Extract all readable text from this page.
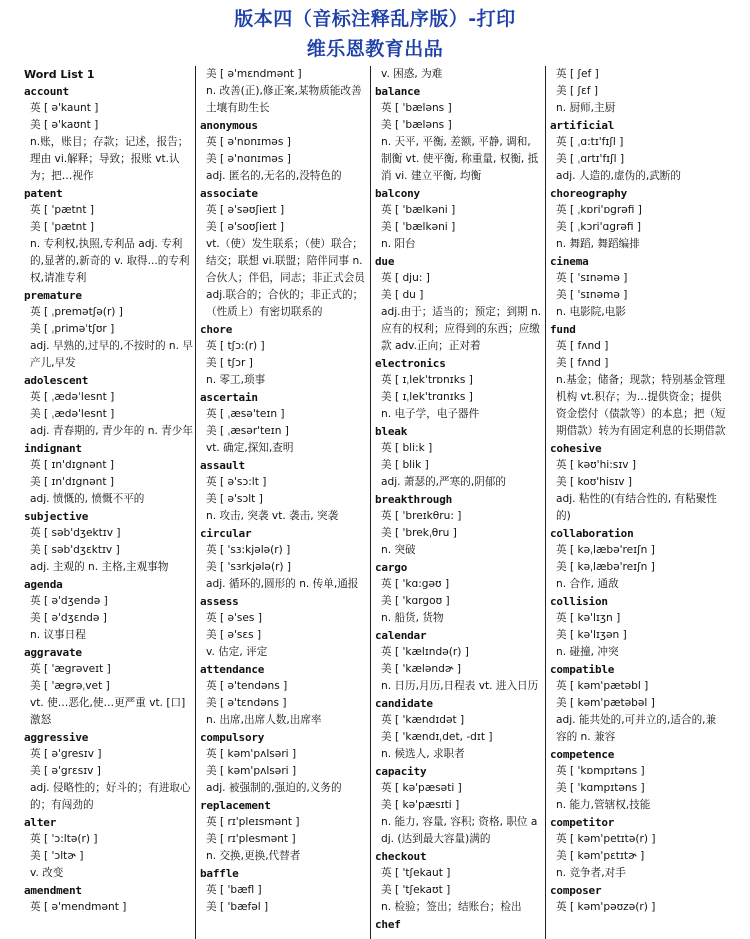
版本四（音标注释乱序版）-打印
维乐恩教育出品
Word List 1
account
英 [ ə'kaunt ]
美 [ ə'kaʊnt ]
n.账，账目；存款；记述，报告；理由 vi.解释；导致；报账 vt.认为；把…视作
patent
英 [ 'pætnt ]
美 [ 'pætnt ]
n. 专利权,执照,专利品 adj. 专利的,显著的,新奇的 v. 取得...的专利权,请准专利
premature
英 [ ˌpremətʃə(r) ]
美 [ ˌpriməˈtʃʊr ]
adj. 早熟的,过早的,不按时的 n. 早产儿,早发
adolescent
英 [ ˌædəˈlesnt ]
美 [ ˌædə'lesnt ]
adj. 青春期的, 青少年的 n. 青少年
indignant
英 [ ɪn'dɪgnənt ]
美 [ ɪn'dɪgnənt ]
adj. 愤慨的, 愤慨不平的
subjective
英 [ səb'dʒektɪv ]
美 [ səb'dʒɛktɪv ]
adj. 主观的 n. 主格,主观事物
agenda
英 [ ə'dʒendə ]
美 [ ə'dʒɛndə ]
n. 议事日程
aggravate
英 [ 'ægrəveɪt ]
美 [ 'ægrəˌvet ]
vt. 使…恶化,使…更严重 vt. [口]激怒
aggressive
英 [ ə'gresɪv ]
美 [ ə'grɛsɪv ]
adj. 侵略性的；好斗的；有进取心的；有闯劲的
alter
英 [ 'ɔ:ltə(r) ]
美 [ 'ɔltɚ ]
v. 改变
amendment
英 [ ə'mendmənt ]
美 [ ə'mɛndmənt ]
n. 改善(正),修正案,某物质能改善土壤有助生长
anonymous
英 [ ə'nɒnɪməs ]
美 [ ə'nɑnɪməs ]
adj. 匿名的,无名的,没特色的
associate
英 [ ə'səʊʃieɪt ]
美 [ ə'soʊʃieɪt ]
vt.（使）发生联系；（使）联合；结交；联想 vi.联盟；陪伴同事 n.合伙人；伴侣，同志；非正式会员 adj.联合的；合伙的；非正式的；（性质上）有密切联系的
chore
英 [ tʃɔ:(r) ]
美 [ tʃɔr ]
n. 零工,琐事
ascertain
英 [ ˌæsə'teɪn ]
美 [ ˌæsər'teɪn ]
vt. 确定,探知,查明
assault
英 [ ə'sɔ:lt ]
美 [ ə'sɔlt ]
n. 攻击, 突袭 vt. 袭击, 突袭
circular
英 [ 'sɜ:kjələ(r) ]
美 [ 'sɜrkjələ(r) ]
adj. 循环的,圆形的 n. 传单,通报
assess
英 [ ə'ses ]
美 [ ə'sɛs ]
v. 估定, 评定
attendance
英 [ ə'tendəns ]
美 [ ə'tɛndəns ]
n. 出席,出席人数,出席率
compulsory
英 [ kəm'pʌlsəri ]
美 [ kəm'pʌlsəri ]
adj. 被强制的,强迫的,义务的
replacement
英 [ rɪ'pleɪsmənt ]
美 [ rɪ'plesmənt ]
n. 交换,更换,代替者
baffle
英 [ 'bæfl ]
美 [ 'bæfəl ]
v. 困惑, 为难
balance
英 [ 'bæləns ]
美 [ 'bæləns ]
n. 天平, 平衡, 差额, 平静, 调和, 制衡 vt. 使平衡, 称重量, 权衡, 抵消 vi. 建立平衡, 均衡
balcony
英 [ 'bælkəni ]
美 [ 'bælkəni ]
n. 阳台
due
英 [ dju: ]
美 [ du ]
adj.由于；适当的；预定；到期 n.应有的权利；应得到的东西；应缴款 adv.正向；正对着
electronics
英 [ ɪˌlek'trɒnɪks ]
美 [ ɪˌlek'trɑnɪks ]
n. 电子学，电子器件
bleak
英 [ bli:k ]
美 [ blik ]
adj. 萧瑟的,严寒的,阴郁的
breakthrough
英 [ 'breɪkθru: ]
美 [ 'brekˌθru ]
n. 突破
cargo
英 [ 'kɑ:gəʊ ]
美 [ 'kɑrgoʊ ]
n. 船货, 货物
calendar
英 [ 'kælɪndə(r) ]
美 [ 'kæləndɚ ]
n. 日历,月历,日程表 vt. 进入日历
candidate
英 [ 'kændɪdət ]
美 [ 'kændɪˌdet, -dɪt ]
n. 候选人, 求职者
capacity
英 [ kə'pæsəti ]
美 [ kə'pæsɪti ]
n. 能力, 容量, 容积; 资格, 职位 adj. (达到最大容量)满的
checkout
英 [ 'tʃekaut ]
美 [ 'tʃekaʊt ]
n. 检验；签出；结账台；检出
chef
英 [ ʃef ]
美 [ ʃɛf ]
n. 厨师,主厨
artificial
英 [ ˌɑ:tɪ'fɪʃl ]
美 [ ˌɑrtɪ'fɪʃl ]
adj. 人造的,虚伪的,武断的
choreography
英 [ ˌkɒri'ɒgrəfi ]
美 [ ˌkɔri'ɑgrəfi ]
n. 舞蹈, 舞蹈编排
cinema
英 [ 'sɪnəmə ]
美 [ 'sɪnəmə ]
n. 电影院,电影
fund
英 [ fʌnd ]
美 [ fʌnd ]
n.基金；储备；现款；特别基金管理机构 vt.积存；为…提供资金；提供资金偿付（债款等）的本息；把（短期借款）转为有固定利息的长期借款
cohesive
英 [ kəʊ'hi:sɪv ]
美 [ koʊ'hisɪv ]
adj. 粘性的(有结合性的, 有粘聚性的)
collaboration
英 [ kəˌlæbə'reɪʃn ]
美 [ kəˌlæbə'reɪʃn ]
n. 合作, 通敌
collision
英 [ kə'lɪʒn ]
美 [ kə'lɪʒən ]
n. 碰撞, 冲突
compatible
英 [ kəm'pætəbl ]
美 [ kəm'pætəbəl ]
adj. 能共处的,可并立的,适合的,兼容的 n. 兼容
competence
英 [ 'kɒmpɪtəns ]
美 [ 'kɑmpɪtəns ]
n. 能力,管辖权,技能
competitor
英 [ kəm'petɪtə(r) ]
美 [ kəm'pɛtɪtɚ ]
n. 竞争者,对手
composer
英 [ kəm'pəʊzə(r) ]
